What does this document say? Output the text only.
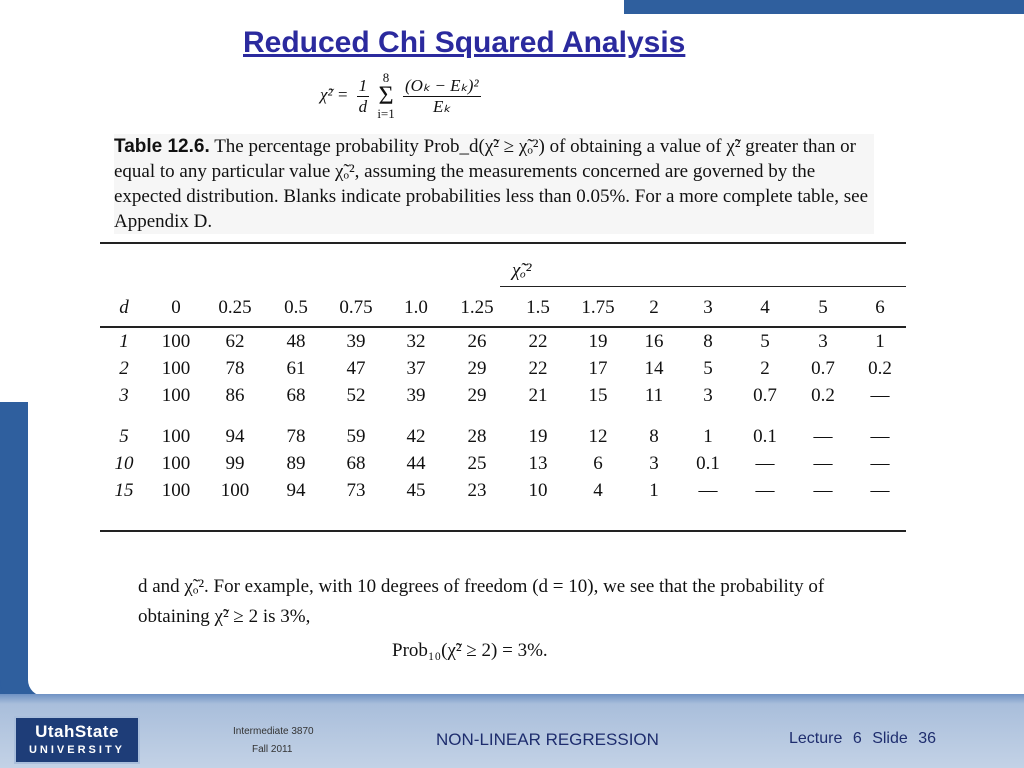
Reduced Chi Squared Analysis
χ̃² = $\frac{1}{d} 8$
Σ
$i=1 \frac{\text{(Oₖ − Eₖ)²}}{\text{Eₖ}}$
Table 12.6. The percentage probability Prob_d(χ̃² ≥ χ̃ₒ²) of obtaining a value of χ̃² greater than or equal to any particular value χ̃ₒ², assuming the measurements concerned are governed by the expected distribution. Blanks indicate probabilities less than 0.05%. For a more complete table, see Appendix D.
χ̃ₒ²
d	0	0.25	0.5	0.75	1.0	1.25	1.5	1.75	2	3	4	5	6
1	100	62	48	39	32	26	22	19	16	8	5	3	1
2	100	78	61	47	37	29	22	17	14	5	2	0.7	0.2
3	100	86	68	52	39	29	21	15	11	3	0.7	0.2	—

5	100	94	78	59	42	28	19	12	8	1	0.1	—	—
10	100	99	89	68	44	25	13	6	3	0.1	—	—	—
15	100	100	94	73	45	23	10	4	1	—	—	—	—
d and χ̃ₒ². For example, with 10 degrees of freedom (d = 10), we see that the probability of obtaining χ̃² ≥ 2 is 3%,
Prob₁₀(χ̃² ≥ 2) = 3%.
UtahState
UNIVERSITY
Intermediate 3870
Fall 2011
NON-LINEAR REGRESSION	Lecture 6 Slide 36
